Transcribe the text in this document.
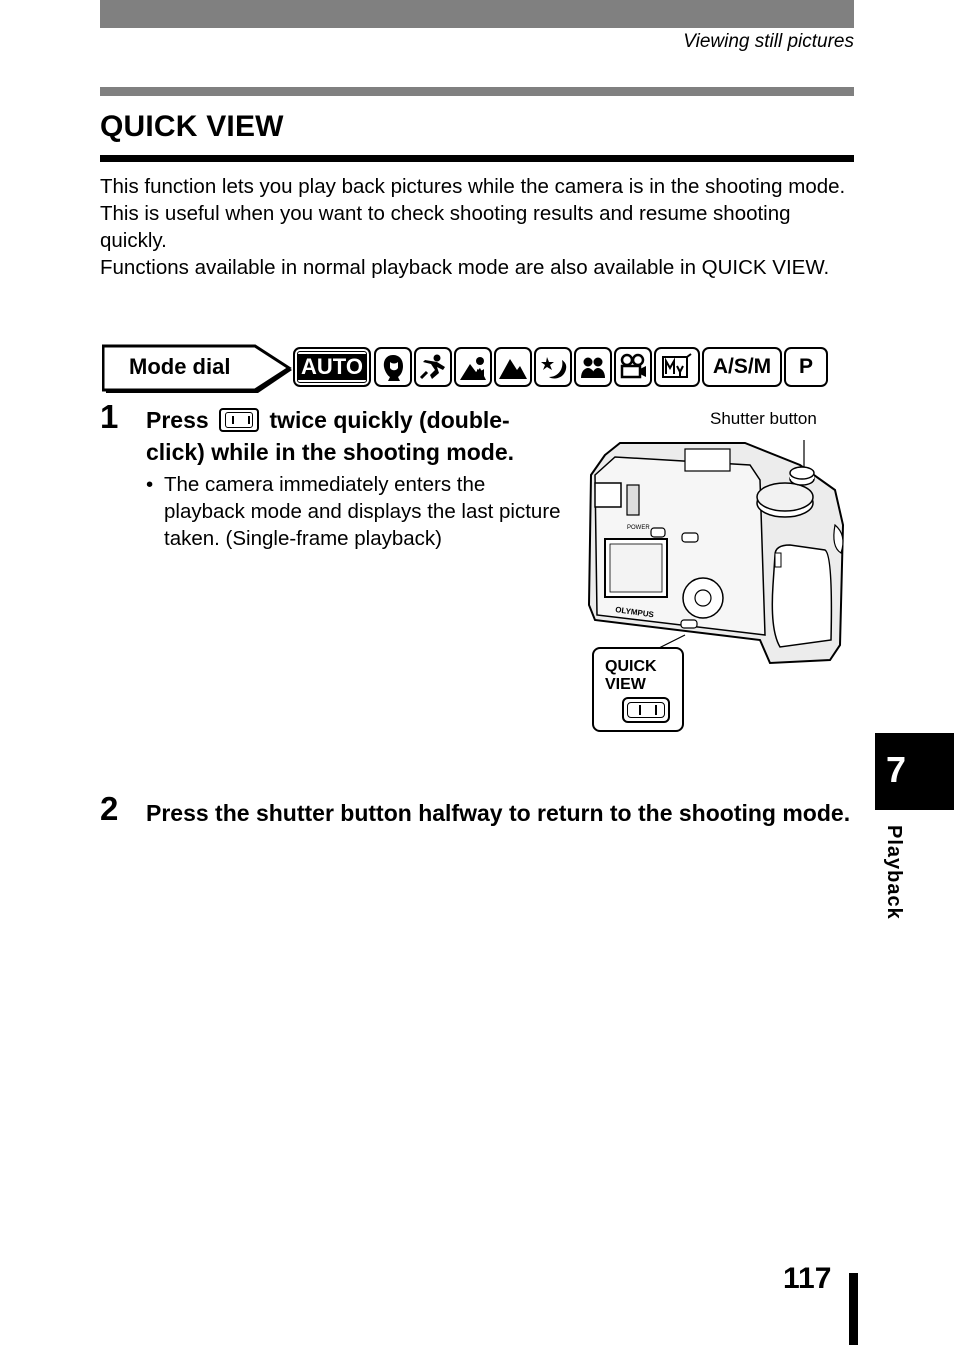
Viewing still pictures
QUICK VIEW

This function lets you play back pictures while the camera is in the shooting mode. This is useful when you want to check shooting results and resume shooting quickly.

Functions available in normal playback mode are also available in QUICK VIEW.

Mode dial	AUTO	A/S/M P
1 Press	twice quickly (double-click) while in the shooting mode.
• The camera immediately enters the playback mode and displays the last picture taken. (Single-frame playback)
Shutter button
POWER
OLYMPUS
QUICK
VIEW
2 Press the shutter button halfway to return to the shooting mode.
7
Playback
117
